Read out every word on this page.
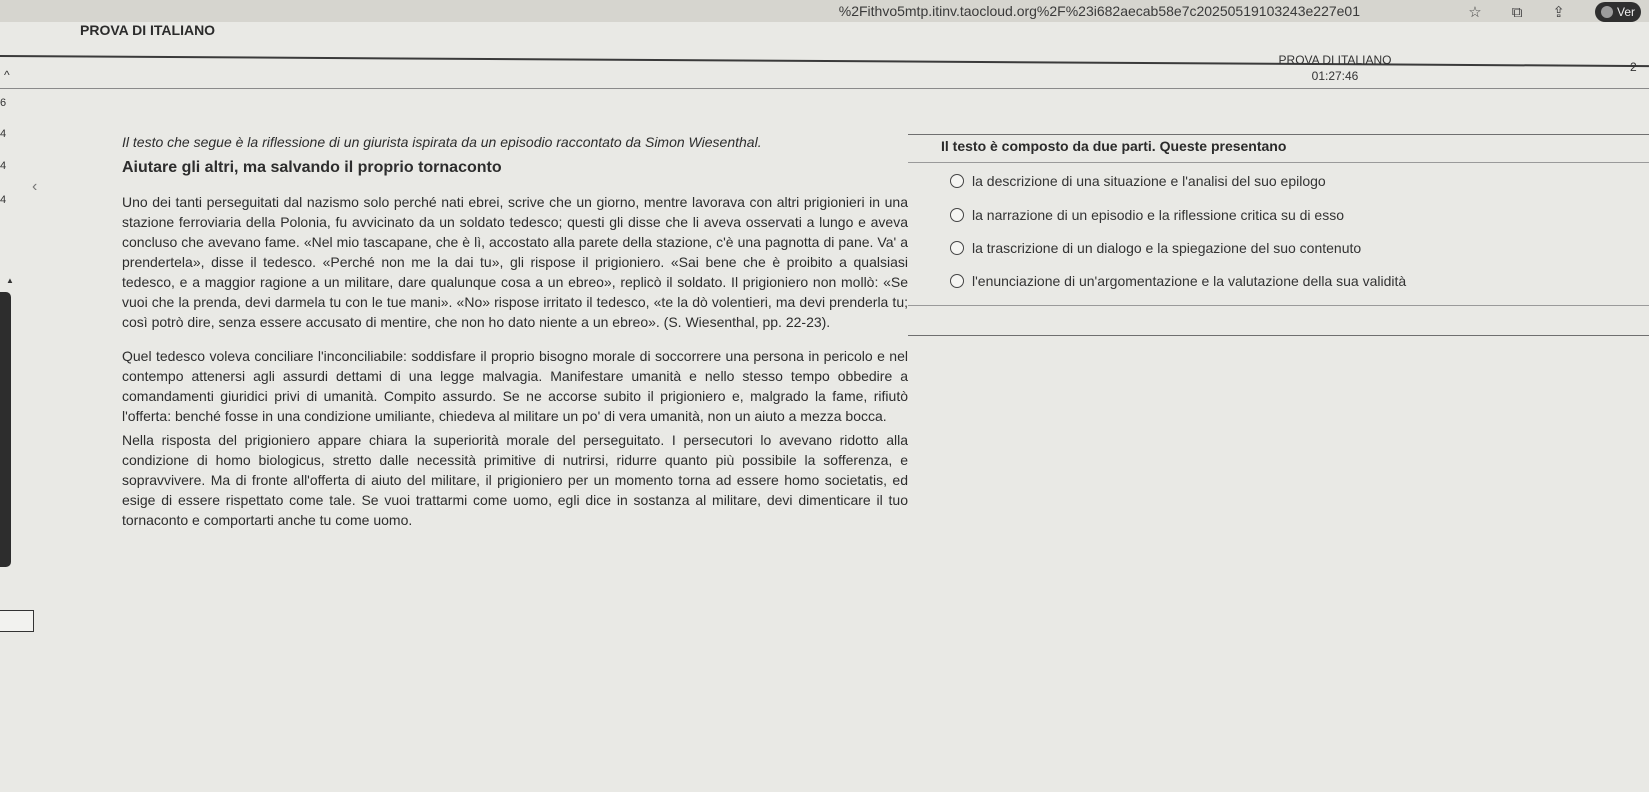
%2Fithvo5mtp.itinv.taocloud.org%2F%23i682aecab58e7c20250519103243e227e01	☆ ⧉ ⇪	Ver
PROVA DI ITALIANO
PROVA DI ITALIANO
01:27:46
^
6
4
4
4
‹
▲
2

Il testo che segue è la riflessione di un giurista ispirata da un episodio raccontato da Simon Wiesenthal.

Aiutare gli altri, ma salvando il proprio tornaconto

Uno dei tanti perseguitati dal nazismo solo perché nati ebrei, scrive che un giorno, mentre lavorava con altri prigionieri in una stazione ferroviaria della Polonia, fu avvicinato da un soldato tedesco; questi gli disse che li aveva osservati a lungo e aveva concluso che avevano fame. «Nel mio tascapane, che è lì, accostato alla parete della stazione, c'è una pagnotta di pane. Va' a prendertela», disse il tedesco. «Perché non me la dai tu», gli rispose il prigioniero. «Sai bene che è proibito a qualsiasi tedesco, e a maggior ragione a un militare, dare qualunque cosa a un ebreo», replicò il soldato. Il prigioniero non mollò: «Se vuoi che la prenda, devi darmela tu con le tue mani». «No» rispose irritato il tedesco, «te la dò volentieri, ma devi prenderla tu; così potrò dire, senza essere accusato di mentire, che non ho dato niente a un ebreo». (S. Wiesenthal, pp. 22-23).

Quel tedesco voleva conciliare l'inconciliabile: soddisfare il proprio bisogno morale di soccorrere una persona in pericolo e nel contempo attenersi agli assurdi dettami di una legge malvagia. Manifestare umanità e nello stesso tempo obbedire a comandamenti giuridici privi di umanità. Compito assurdo. Se ne accorse subito il prigioniero e, malgrado la fame, rifiutò l'offerta: benché fosse in una condizione umiliante, chiedeva al militare un po' di vera umanità, non un aiuto a mezza bocca.

Nella risposta del prigioniero appare chiara la superiorità morale del perseguitato. I persecutori lo avevano ridotto alla condizione di homo biologicus, stretto dalle necessità primitive di nutrirsi, ridurre quanto più possibile la sofferenza, e sopravvivere. Ma di fronte all'offerta di aiuto del militare, il prigioniero per un momento torna ad essere homo societatis, ed esige di essere rispettato come tale. Se vuoi trattarmi come uomo, egli dice in sostanza al militare, devi dimenticare il tuo tornaconto e comportarti anche tu come uomo.

Il testo è composto da due parti. Queste presentano
la descrizione di una situazione e l'analisi del suo epilogo
la narrazione di un episodio e la riflessione critica su di esso
la trascrizione di un dialogo e la spiegazione del suo contenuto
l'enunciazione di un'argomentazione e la valutazione della sua validità
